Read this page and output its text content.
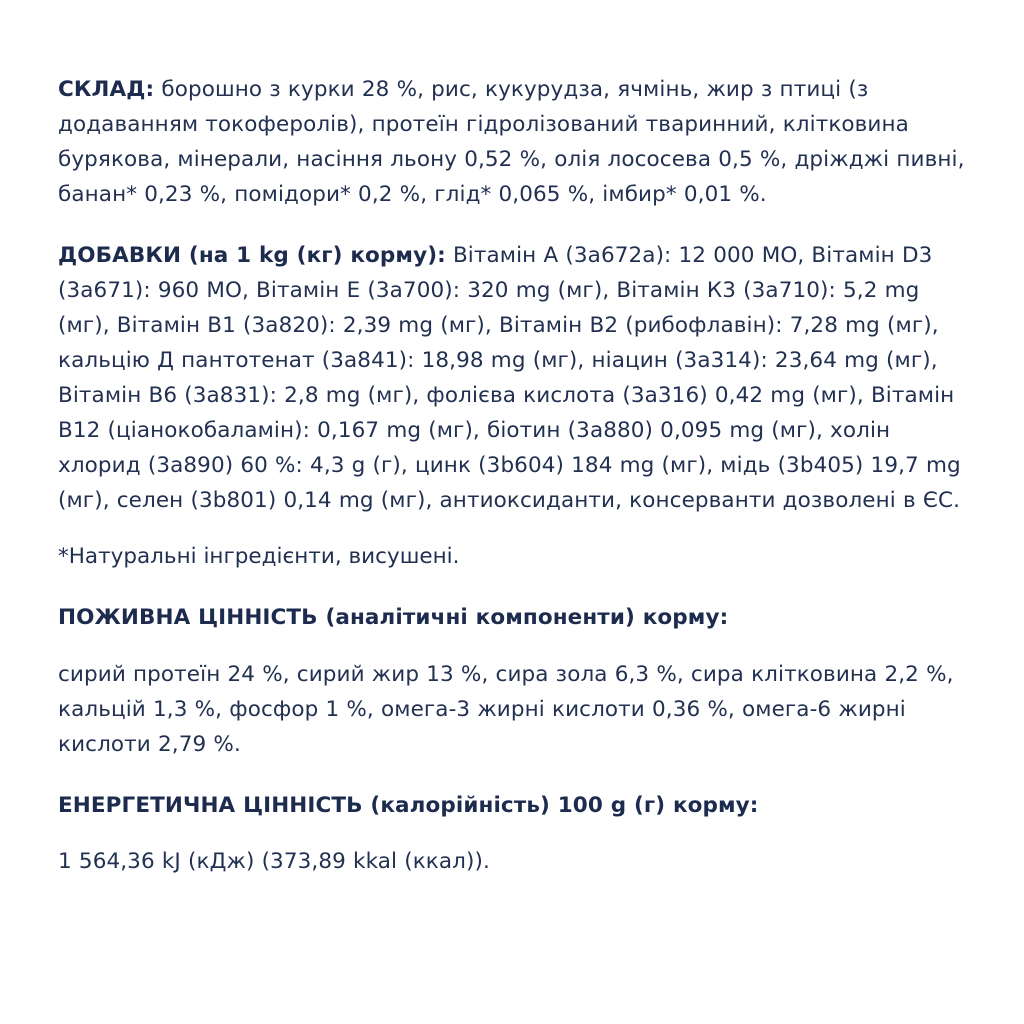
СКЛАД: борошно з курки 28 %, рис, кукурудза, ячмінь, жир з птиці (з додаванням токоферолів), протеїн гідролізований тваринний, клітковина бурякова, мінерали, насіння льону 0,52 %, олія лососева 0,5 %, дріжджі пивні, банан* 0,23 %, помідори* 0,2 %, глід* 0,065 %, імбир* 0,01 %.

ДОБАВКИ (на 1 kg (кг) корму): Вітамін А (3а672а): 12 000 МО, Вітамін D3 (3а671): 960 МО, Вітамін Е (3а700): 320 mg (мг), Вітамін К3 (3а710): 5,2 mg (мг), Вітамін В1 (3а820): 2,39 mg (мг), Вітамін В2 (рибофлавін): 7,28 mg (мг), кальцію Д пантотенат (3а841): 18,98 mg (мг), ніацин (3а314): 23,64 mg (мг), Вітамін В6 (3а831): 2,8 mg (мг), фолієва кислота (3а316) 0,42 mg (мг), Вітамін В12 (ціанокобаламін): 0,167 mg (мг), біотин (3а880) 0,095 mg (мг), холін хлорид (3а890) 60 %: 4,3 g (г), цинк (3b604) 184 mg (мг), мідь (3b405) 19,7 mg (мг), селен (3b801) 0,14 mg (мг), антиоксиданти, консерванти дозволені в ЄС.

*Натуральні інгредієнти, висушені.

ПОЖИВНА ЦІННІСТЬ (аналітичні компоненти) корму:

сирий протеїн 24 %, сирий жир 13 %, сира зола 6,3 %, сира клітковина 2,2 %, кальцій 1,3 %, фосфор 1 %, омега-3 жирні кислоти 0,36 %, омега-6 жирні кислоти 2,79 %.

ЕНЕРГЕТИЧНА ЦІННІСТЬ (калорійність) 100 g (г) корму:

1 564,36 kJ (кДж) (373,89 kkal (ккал)).
